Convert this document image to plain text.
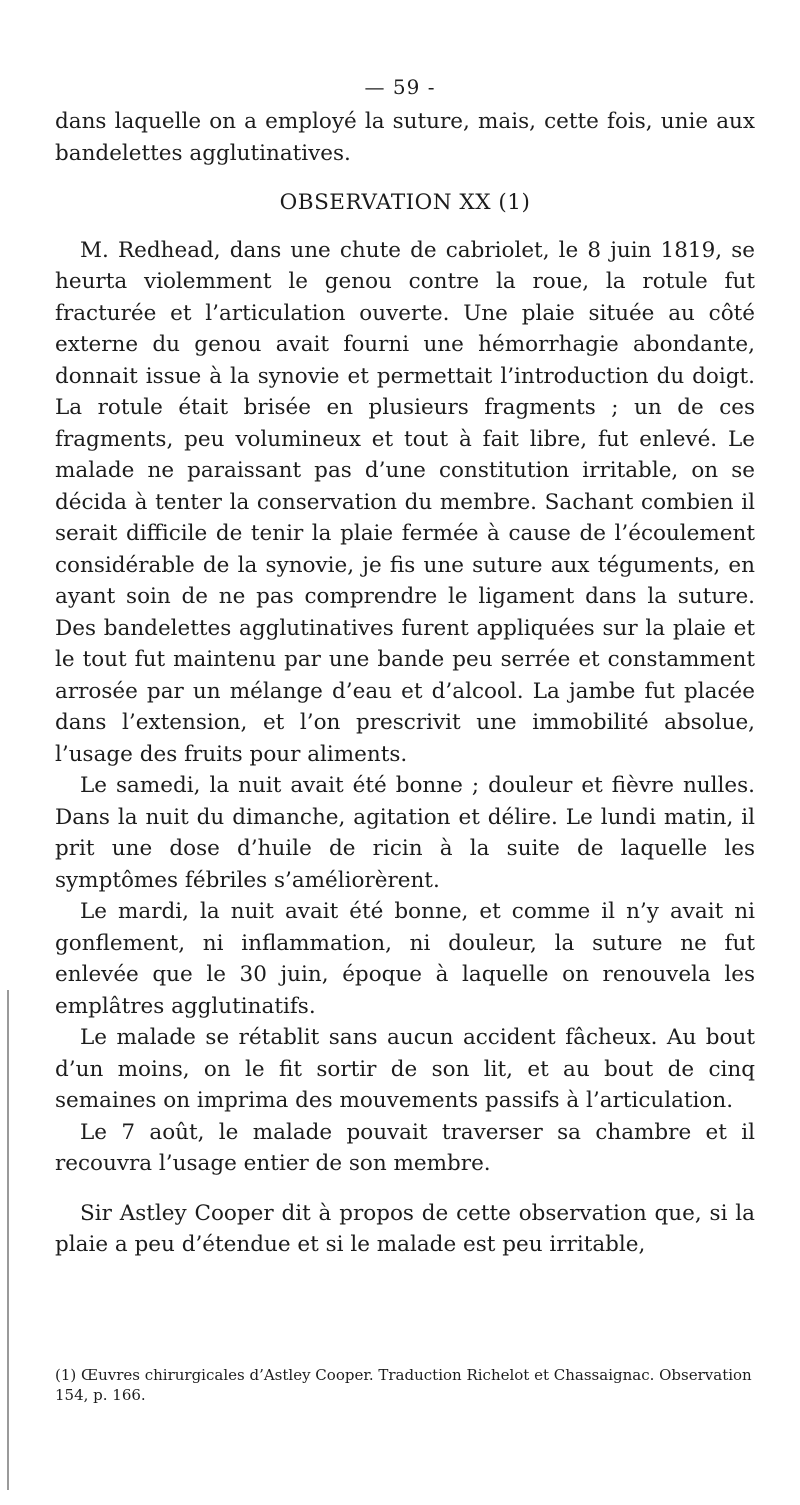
— 59 -

dans laquelle on a employé la suture, mais, cette fois, unie aux bandelettes agglutinatives.

OBSERVATION XX (1)

M. Redhead, dans une chute de cabriolet, le 8 juin 1819, se heurta violemment le genou contre la roue, la rotule fut fracturée et l’articulation ouverte. Une plaie située au côté externe du genou avait fourni une hémorrhagie abondante, donnait issue à la synovie et permettait l’introduction du doigt. La rotule était brisée en plusieurs fragments ; un de ces fragments, peu volumineux et tout à fait libre, fut enlevé. Le malade ne paraissant pas d’une constitution irritable, on se décida à tenter la conservation du membre. Sachant combien il serait difficile de tenir la plaie fermée à cause de l’écoulement considérable de la synovie, je fis une suture aux téguments, en ayant soin de ne pas comprendre le ligament dans la suture. Des bandelettes agglutinatives furent appliquées sur la plaie et le tout fut maintenu par une bande peu serrée et constamment arrosée par un mélange d’eau et d’alcool. La jambe fut placée dans l’extension, et l’on prescrivit une immobilité absolue, l’usage des fruits pour aliments.

Le samedi, la nuit avait été bonne ; douleur et fièvre nulles. Dans la nuit du dimanche, agitation et délire. Le lundi matin, il prit une dose d’huile de ricin à la suite de laquelle les symptômes fébriles s’améliorèrent.

Le mardi, la nuit avait été bonne, et comme il n’y avait ni gonflement, ni inflammation, ni douleur, la suture ne fut enlevée que le 30 juin, époque à laquelle on renouvela les emplâtres agglutinatifs.

Le malade se rétablit sans aucun accident fâcheux. Au bout d’un moins, on le fit sortir de son lit, et au bout de cinq semaines on imprima des mouvements passifs à l’articulation.

Le 7 août, le malade pouvait traverser sa chambre et il recouvra l’usage entier de son membre.

Sir Astley Cooper dit à propos de cette observation que, si la plaie a peu d’étendue et si le malade est peu irritable,

(1) Œuvres chirurgicales d’Astley Cooper. Traduction Richelot et Chassaignac. Observation 154, p. 166.
